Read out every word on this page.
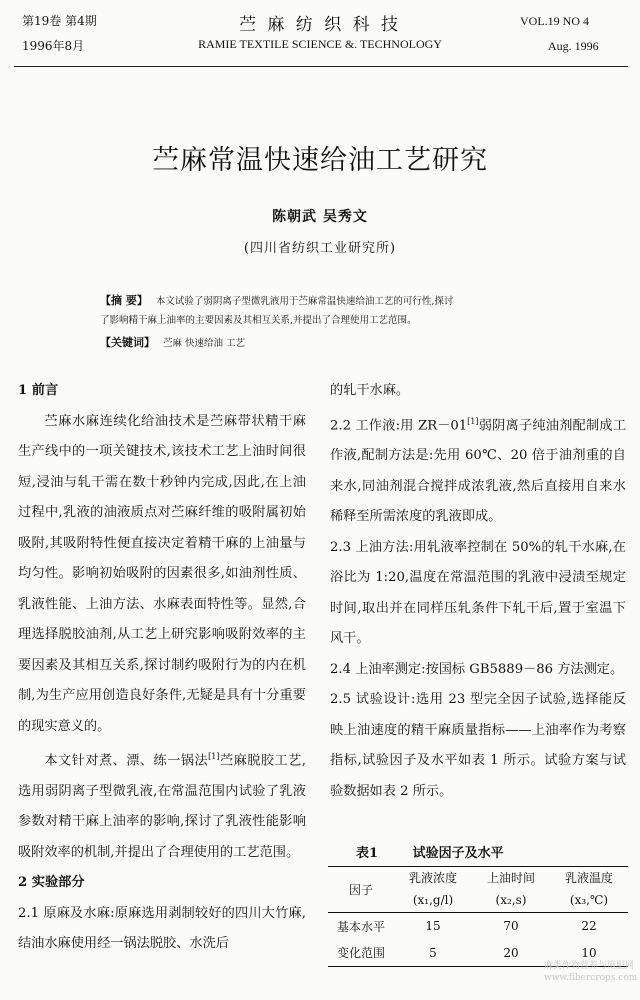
第19卷 第4期
1996年8月
苎 麻 纺 织 科 技
RAMIE TEXTILE SCIENCE &. TECHNOLOGY
VOL.19 NO 4
Aug. 1996
苎麻常温快速给油工艺研究
陈朝武 吴秀文
(四川省纺织工业研究所)
【摘 要】 本文试验了弱阴离子型微乳液用于苎麻常温快速给油工艺的可行性,探讨
了影响精干麻上油率的主要因素及其相互关系,并提出了合理使用工艺范围。
【关键词】 苎麻 快速给油 工艺
1 前言

苎麻水麻连续化给油技术是苎麻带状精干麻生产线中的一项关键技术,该技术工艺上油时间很短,浸油与轧干需在数十秒钟内完成,因此,在上油过程中,乳液的油液质点对苎麻纤维的吸附属初始吸附,其吸附特性便直接决定着精干麻的上油量与均匀性。影响初始吸附的因素很多,如油剂性质、乳液性能、上油方法、水麻表面特性等。显然,合理选择脱胶油剂,从工艺上研究影响吸附效率的主要因素及其相互关系,探讨制约吸附行为的内在机制,为生产应用创造良好条件,无疑是具有十分重要的现实意义的。

本文针对煮、漂、练一锅法[1]苎麻脱胶工艺,选用弱阴离子型微乳液,在常温范围内试验了乳液参数对精干麻上油率的影响,探讨了乳液性能影响吸附效率的机制,并提出了合理使用的工艺范围。

2 实验部分

2.1 原麻及水麻:原麻选用剥制较好的四川大竹麻,结油水麻使用经一锅法脱胶、水洗后

的轧干水麻。

2.2 工作液:用 ZR－01[1]弱阴离子纯油剂配制成工作液,配制方法是:先用 60℃、20 倍于油剂重的自来水,同油剂混合搅拌成浓乳液,然后直接用自来水稀释至所需浓度的乳液即成。

2.3 上油方法:用轧液率控制在 50%的轧干水麻,在浴比为 1:20,温度在常温范围的乳液中浸渍至规定时间,取出并在同样压轧条件下轧干后,置于室温下风干。

2.4 上油率测定:按国标 GB5889－86 方法测定。

2.5 试验设计:选用 23 型完全因子试验,选择能反映上油速度的精干麻质量指标——上油率作为考察指标,试验因子及水平如表 1 所示。试验方案与试验数据如表 2 所示。

表1	试验因子及水平
因子	乳液浓度	上油时间	乳液温度
	(x₁,g/l)	(x₂,s)	(x₃,℃)
基本水平	15	70	22
变化范围	5	20	10
麻类作物营养与施肥网 www.fibercrops.com
